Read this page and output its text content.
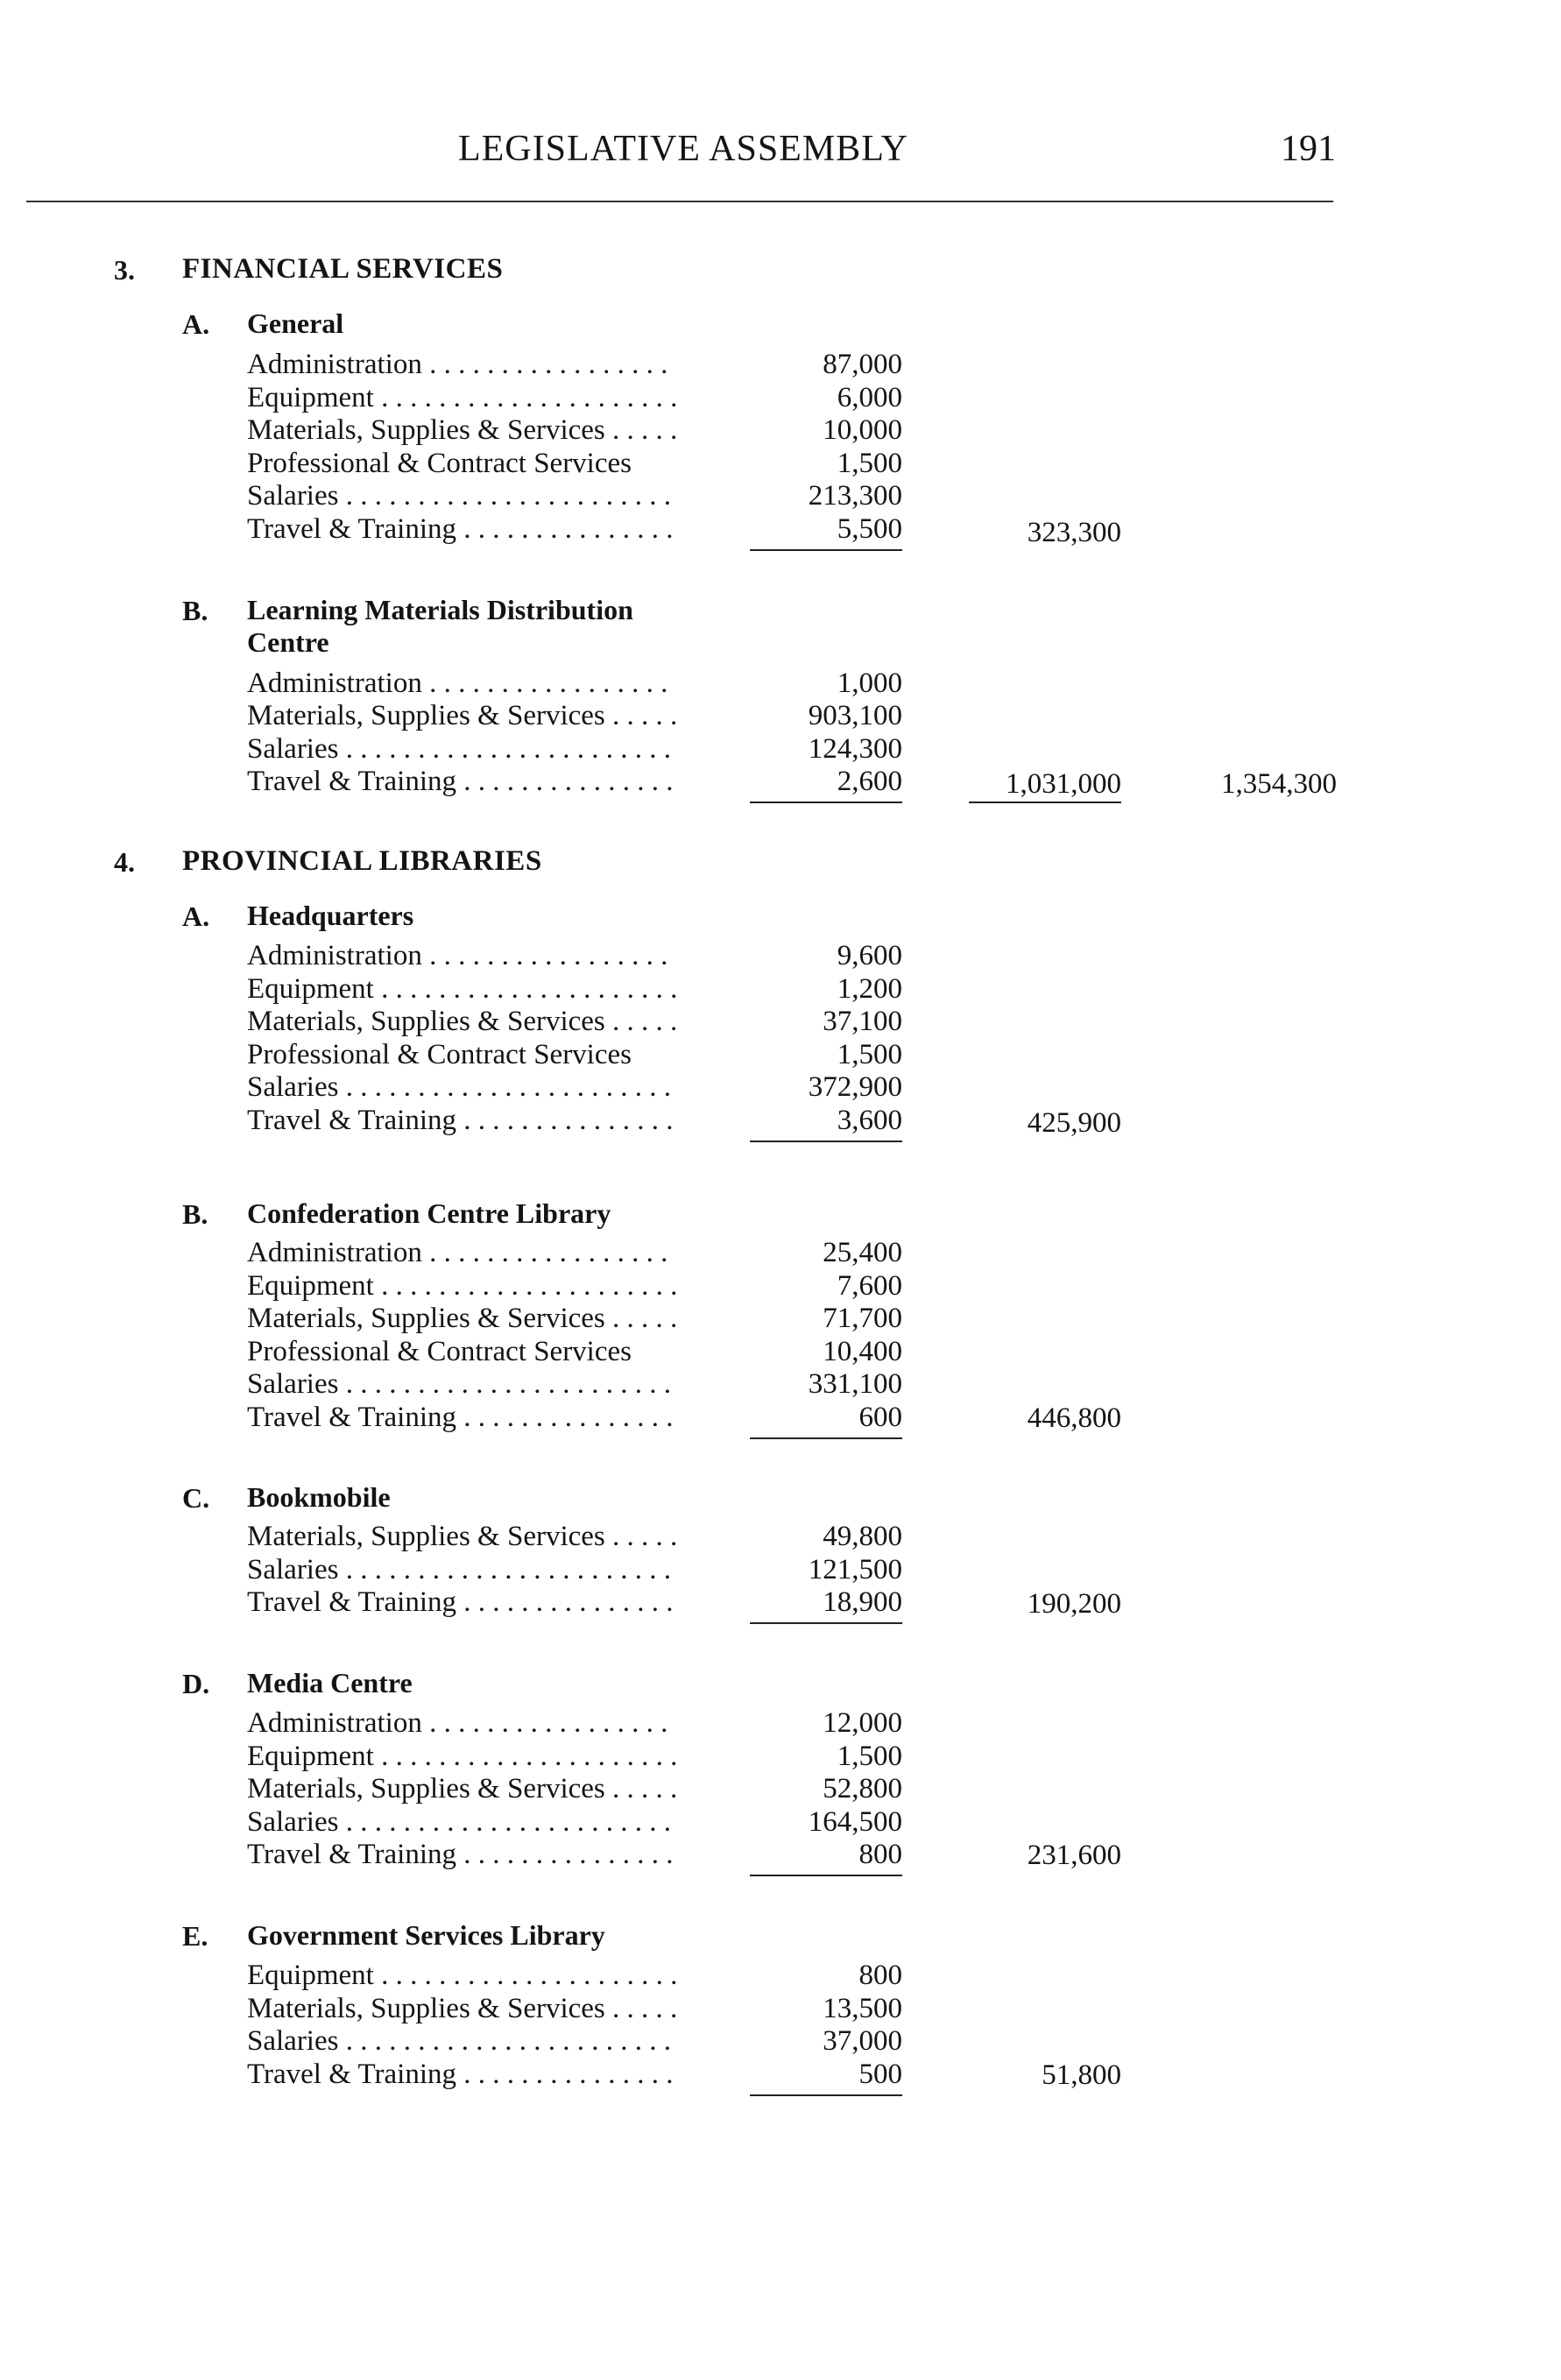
LEGISLATIVE ASSEMBLY	191
3. FINANCIAL SERVICES
A. General
Administration . . .	87,000
Equipment . . .	6,000
Materials, Supplies & Services . . .	10,000
Professional & Contract Services	1,500
Salaries . . .	213,300
Travel & Training . . .	5,500	323,300
B. Learning Materials Distribution
Centre
Administration . . .	1,000
Materials, Supplies & Services . . .	903,100
Salaries . . .	124,300
Travel & Training . . .	2,600	1,031,000	1,354,300
4. PROVINCIAL LIBRARIES
A. Headquarters
Administration . . .	9,600
Equipment . . .	1,200
Materials, Supplies & Services . . .	37,100
Professional & Contract Services	1,500
Salaries . . .	372,900
Travel & Training . . .	3,600	425,900
B. Confederation Centre Library
Administration . . .	25,400
Equipment . . .	7,600
Materials, Supplies & Services . . .	71,700
Professional & Contract Services	10,400
Salaries . . .	331,100
Travel & Training . . .	600	446,800
C. Bookmobile
Materials, Supplies & Services . . .	49,800
Salaries . . .	121,500
Travel & Training . . .	18,900	190,200
D. Media Centre
Administration . . .	12,000
Equipment . . .	1,500
Materials, Supplies & Services . . .	52,800
Salaries . . .	164,500
Travel & Training . . .	800	231,600
E. Government Services Library
Equipment . . .	800
Materials, Supplies & Services . . .	13,500
Salaries . . .	37,000
Travel & Training . . .	500	51,800
